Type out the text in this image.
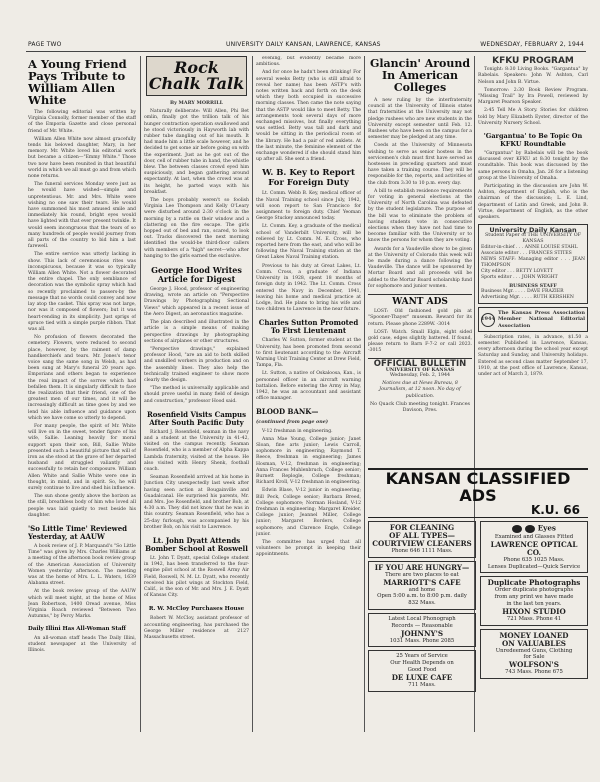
PAGE TWO	UNIVERSITY DAILY KANSAN, LAWRENCE, KANSAS	WEDNESDAY, FEBRUARY 2, 1944
A Young Friend Pays Tribute to William Allen White

The following editorial was written by Virginia Connolly, former member of the staff of the Emporia Gazette and close personal friend of Mr. White.

William Allen White now almost gracefully tends his beloved daughter, Mary, in her memory. Mr. White loved his editorial work but became a citizen—"Emmy White." Those two now have been reunited in that beautiful world in which we all must go and from which none returns.

The funeral services Monday were just as he would have wished—simple and unpretentious. Mr. and Mrs. White were wishing no one saw their tears. He would have summoned his most amused smile and immediately his round, bright eyes would have lighted with that ever present twinkle. It would seem incongruous that the tears of so many hundreds of people would journey from all parts of the country to bid him a last farewell.

The entire service was utterly lacking in show. This lack of ceremonious rites was inconspicuous, because it was so typically William Allen White. Not a flower decorated the entire chapel. The only semblance of decoration was the symbolic spray which had so recently proclaimed to passers-by the message that no words could convey and now lay atop the casket. This spray was not large, nor was it composed of flowers; but it was heart-rending in its simplicity. Just sprigs of spruce tied with a simple purple ribbon. That was all.

No profusion of flowers decorated the cemetery. Flowers, were reduced to second place, however, by the raiment of damp handkerchiefs and tears. Mr. Jones's tenor voice sang the same song in Welsh, as had been sung at Mary's funeral 20 years ago. Emporians and others began to experience the real impact of the sorrow which had befallen them. It is singularly difficult to face the realization that their friend, one of the greatest men of our times, and it will be increasingly difficult as time goes by and we lend his able influence and guidance upon which we have come so utterly to depend.

For many people, the spirit of Mr. White will live on in the sweet, tender figure of his wife, Sallie. Leaning heavily for moral support upon their son, Bill, Sallie White presented such a beautiful picture that will of iron as she stood at the grave of her departed husband and struggled valiantly and successfully to retain her composure. William Allen White and Sallie White were one in thought, in mind, and in spirit. So, he will surely continue to live and shed his influence.

The sun shone gently above the horizon as the still, breathless body of him who loved all people was laid quietly to rest beside his daughter.

'So Little Time' Reviewed Yesterday, at AAUW

A book review of J. P. Marquand's "So Little Time" was given by Mrs. Charles Williams at a meeting of the afternoon book review group of the American Association of University Women yesterday afternoon. The meeting was at the home of Mrs. L. L. Waters, 1639 Alabama street.

At the book review group of the AAUW which will meet night, at the home of Miss Jean Robertson, 1400 Oread avenue, Miss Virginia Roach reviewed "Between Two Autumns," by Percy Marks.

Daily Illini Has All-Woman Staff

An all-woman staff heads The Daily Illini, student newspaper at the University of Illinois.

Rock Chalk Talk
By MARY MORRILL

Naturally deliberate: Will Allen, Phi Bet omlin, finally got the trillion talk of his hunger contraction operation swallowed and he stood victoriously in Hayworth lab with rubber tube dangling out of his mouth. It had made him a little scale however, and he decided to get some air before going on with the experiment. Just as he got out of the door, cell of rubber tube in hand, the whistle blew. The between classes crowd eyed him suspiciously, and began gathering around expectantly. At last, when the crowd was at its height, he parted ways with his breakfast.

The boys probably weren't so foolish Virginia Lee Thompson and Kelly O'Leary were disturbed around 2:30 o'clock in the morning by a rattle on their window and a clattering on the fire escape. The girls hopped out of bed and ran, scared, to look out. Tracks discovered the next morning identified the would-be third-floor callers with members of a "high" secret—who after hanging to the girls earned the exclusive.

George Hood Writes Article for Digest

George J. Hood, professor of engineering drawing, wrote an article on "Perspective Drawings by Photographing Sectional Views" which appeared in a recent issue of the Aero Digest, an aeronautics magazine.

The plan described and illustrated in the article is a simple means of making perspective drawings by photographing sections of airplanes or other structures.

"Perspective drawings," explained professor Hood, "are an aid to both skilled and unskilled workers in production and on the assembly lines. They also help the technically trained engineer to show more clearly the design.

"The method is universally applicable and should prove useful in many field of design and construction," professor Hood said.

Rosenfield Visits Campus After South Pacific Duty

Richard J. Rosenfield, seaman in the navy and a student at the University in 41-42, visited on the campus recently. Seaman Rosenfield, who is a member of Alpha Kappa Lambda fraternity, visited at the house. He also visited with Henry Shenk, football coach.

Seaman Rosenfield arrived at his home in Junction City unexpectedly last week after having seen action at Bougainville and Guadalcanal. He surprised his parents, Mr. and Mrs. Joe Rosenfield, and brother Bob, at 4:30 a.m. They did not know that he was in this country. Seaman Rosenfield, who has a 25-day furlough, was accompanied by his brother Bob, on his visit to Lawrence.

Lt. John Dyatt Attends Bomber School at Roswell

Lt. John T. Dyatt, special College student in 1942, has been transferred to the four-engine pilot school at the Roswell Army Air Field, Roswell, N. M. Lt. Dyatt, who recently received his pilot wings at Stockton Field, Calif., is the son of Mr. and Mrs. J. E. Dyatt of Kansas City.

R. W. McCloy Purchases House

Robert W. McCloy, assistant professor of accounting engineering, has purchased the George Miller residence at 2127 Massachusetts street.

evening, but evidently became more ambitious.

And for once he hadn't been drinking! For several weeks Betty (who is still afraid to reveal her name) has been ASTP's with notes written back and forth on the desk which they both occupied in successive morning classes. Then came the note saying that the ASTP would like to meet Betty. The arrangements took several days of more exchanged missives, but finally everything was settled. Betty was tall and dark and would be sitting in the periodical room of the library. He had a pair of red anklets. At the last minute, the feminine element of the exchange wondered if she should stand him up after all. She sent a friend.

W. B. Key to Report For Foreign Duty

Lt. Comm. Webb B. Key, medical officer of the Naval Training school since July, 1942, will soon report to San Francisco for assignment to foreign duty. Chief Yeoman George Stuckey announced today.

Lt. Comm. Key, a graduate of the medical school of Vanderbilt University, will be relieved by Lt. Comm. M. E. Cross, who reported here from the east, and who will be following the Naval Training station at the Great Lakes Naval Training station.

Previous to his duty at Great Lakes, Lt. Comm. Cross, a graduate of Indiana University in 1928, spent 18 months of foreign duty in 1942. The Lt. Comm. Cross entered the Navy in December, 1941, leaving his home and medical practice at Lodge, Ind. He plans to bring his wife and two children to Lawrence in the near future.

Charles Sutton Promoted To First Lieutenant

Charles W. Sutton, former student at the University, has been promoted from second to first lieutenant according to the Aircraft Warning Unit Training Center at Drew Field, Tampa, Fla.

Lt. Sutton, a native of Oskaloosa, Kan., is personnel officer in an aircraft warning battalion. Before entering the Army in May, 1942, he was an accountant and assistant office manager.

BLOOD BANK—
(continued from page one)

V-12 freshman in engineering.

Anna Mae Young, College junior; Janet Sloan, fine arts junior; Lewis Carroll, sophomore in engineering; Raymond T. Reece, freshman in engineering; James Hosman, V-12, freshman in engineering; Anna Frances Muhlenbruch, College senior; Burnett Replogle, College freshman; Richard Kroll, V-12 freshman in engineering.

Edwin Blase, V-12 junior in engineering; Bill Peck, College senior; Barbara Breed, College sophomore; Norman Hosland, V-12 freshman in engineering; Margaret Kreider, College junior; Jeannel Miller, College junior; Margaret Borders, College sophomore; and Clarence Engle, College junior.

The committee has urged that all volunteers be prompt in keeping their appointments.

Glancin' Around In American Colleges

A new ruling by the interfraternity council at the University of Illinois states that fraternities at the University may not pledge rushees who are new students in the University except semester until Feb. 12. Rushees who have been on the campus for a semester may be pledged at any time.

Coeds at the University of Minnesota wishing to serve as senior hostess in the servicemen's club must first have served as hostesses in preceding quarters and must have taken a training course. They will be responsible for the, reports, and activities of the club from 3:30 to 10 p.m. every day.

A bill to establish residence requirements for voting in general elections at the University of North Carolina was defeated by the student legislature. The purpose of the bill was to eliminate the problem of having students vote in consecutive elections when they have not had time to become familiar with the University or to know the persons for whom they are voting.

Awards for a Vaudeville show to be given at the University of Colorado this week will be made during a dance following the Vaudeville. The dance will be sponsored by Mortar Board and all proceeds will be added to the Mortar Board scholarship fund for sophomore and junior women.

WANT ADS

LOST: Old fashioned gold pin at "Spooner-Thayer" museum. Reward for its return. Please phone 2289W. -3014

LOST: Watch. Small Elgin, eight sided gold case, edges slightly battered. If found, please return to Barn F-7-2 or call 2023. -3015

OFFICIAL BULLETIN
UNIVERSITY OF KANSAS
Wednesday, Feb. 2, 1944
Notices due at News Bureau, 8 Journalism, at 12 noon. No day of publication.
No Quack Club meeting tonight. Frances Davison, Pres.
KFKU PROGRAM

Tonight: 8:30 Living Books. "Gargantua" by Rabelais. Speakers: John W. Ashton, Carl Nelson and John B. Virtue.

Tomorrow: 2:30 Book Review Program. "Missing Trail" by Ira Powell, reviewed by Margaret Pearson Speaker.

2:45 Tell Me A Story. Stories for children told by Mary Elizabeth Eyster, director of the University Nursery School.

'Gargantua' to Be Topic On KFKU Roundtable

"Gargantua" by Rabelais will be the book discussed over KFKU at 8:30 tonight by the roundtable. This book was discussed by the same persons in Omaha, Jan. 26 for a listening group at the University of Omaha.

Participating in the discussion are John W. Ashton, department of English, who is the chairman of the discussion; L. E. Lind, department of Latin and Greek, and John B. Virtue, department of English, as the other speakers.

University Daily Kansan
Student Paper of THE UNIVERSITY OF KANSAS
Editor-in-chief . . . ANNE LOUISE STAHL
Associate editor . . . FRANCES STITES
NEWS STAFF: Managing editor . . . JEAN THOMPSON
City editor . . . BETTY LOVETT
Sports editor . . . JOHN WRIGHT
BUSINESS STAFF
Business Mgr. . . . . DAVE FRAZIER
Advertising Mgr. . . . . RUTH KERSHEN
1944
The Kansas Press Association Member National Editorial Association

Subscription rates, in advance, $1.50 a semester. Published in Lawrence, Kansas, every afternoon during the school year except Saturday and Sunday, and University holidays. Entered as second class matter September 17, 1910, at the post office of Lawrence, Kansas, under act of March 3, 1879.

KANSAN CLASSIFIED ADS
K.U. 66
FOR CLEANING
OF ALL TYPES—
COURTVIEW CLEANERS
Phone 646 1111 Mass.
IF YOU ARE HUNGRY—
There are two places to eat
MARRIOTT'S CAFE
and home
Open 5:00 a.m. to 8:00 p.m. daily
832 Mass.
Latest Local Phonograph
Records — Reasonable
JOHNNY'S
1031 Mass. Phone 2085
25 Years of Service
Our Health Depends on
Good Food
DE LUXE CAFE
711 Mass.
Eyes
Examined and Glasses Fitted
LAWRENCE OPTICAL CO.
Phone 635 1025 Mass.
Lenses Duplicated—Quick Service
Duplicate Photographs
Order duplicate photographs
from any print we have made
in the last ten years.
HIXON STUDIO
721 Mass. Phone 41
MONEY LOANED
ON VALUABLES
Unredeemed Guns, Clothing
for Sale
WOLFSON'S
743 Mass. Phone 675
